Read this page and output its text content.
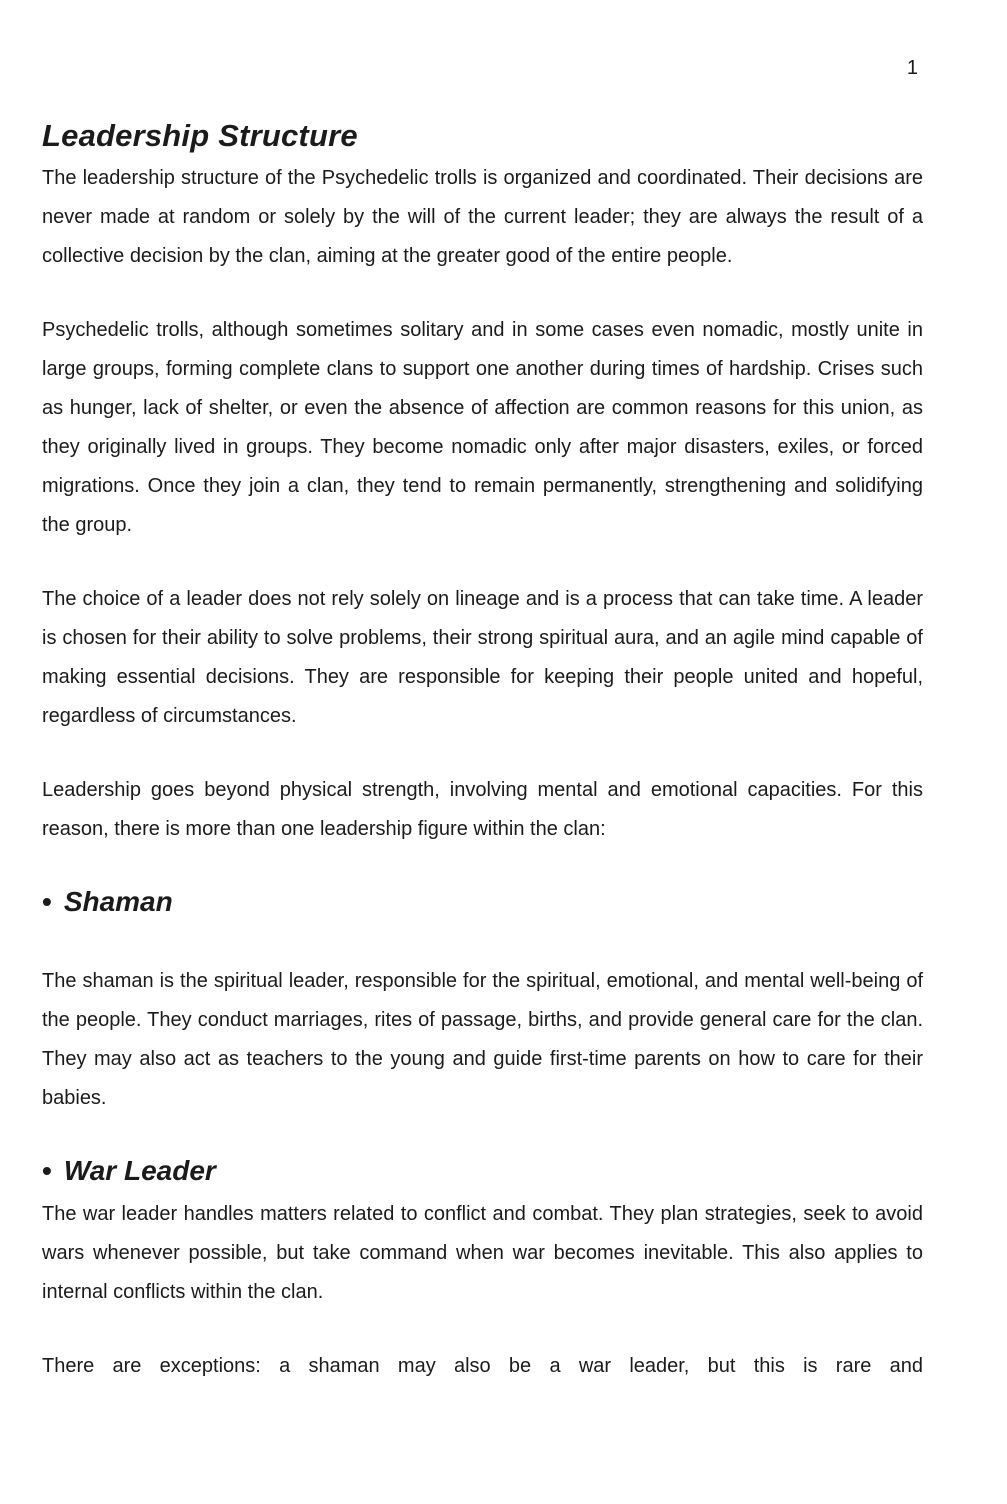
1
Leadership Structure

The leadership structure of the Psychedelic trolls is organized and coordinated. Their decisions are never made at random or solely by the will of the current leader; they are always the result of a collective decision by the clan, aiming at the greater good of the entire people.

Psychedelic trolls, although sometimes solitary and in some cases even nomadic, mostly unite in large groups, forming complete clans to support one another during times of hardship. Crises such as hunger, lack of shelter, or even the absence of affection are common reasons for this union, as they originally lived in groups. They become nomadic only after major disasters, exiles, or forced migrations. Once they join a clan, they tend to remain permanently, strengthening and solidifying the group.

The choice of a leader does not rely solely on lineage and is a process that can take time. A leader is chosen for their ability to solve problems, their strong spiritual aura, and an agile mind capable of making essential decisions. They are responsible for keeping their people united and hopeful, regardless of circumstances.

Leadership goes beyond physical strength, involving mental and emotional capacities. For this reason, there is more than one leadership figure within the clan:

• Shaman

The shaman is the spiritual leader, responsible for the spiritual, emotional, and mental well-being of the people. They conduct marriages, rites of passage, births, and provide general care for the clan. They may also act as teachers to the young and guide first-time parents on how to care for their babies.

• War Leader

The war leader handles matters related to conflict and combat. They plan strategies, seek to avoid wars whenever possible, but take command when war becomes inevitable. This also applies to internal conflicts within the clan.

There are exceptions: a shaman may also be a war leader, but this is rare and
